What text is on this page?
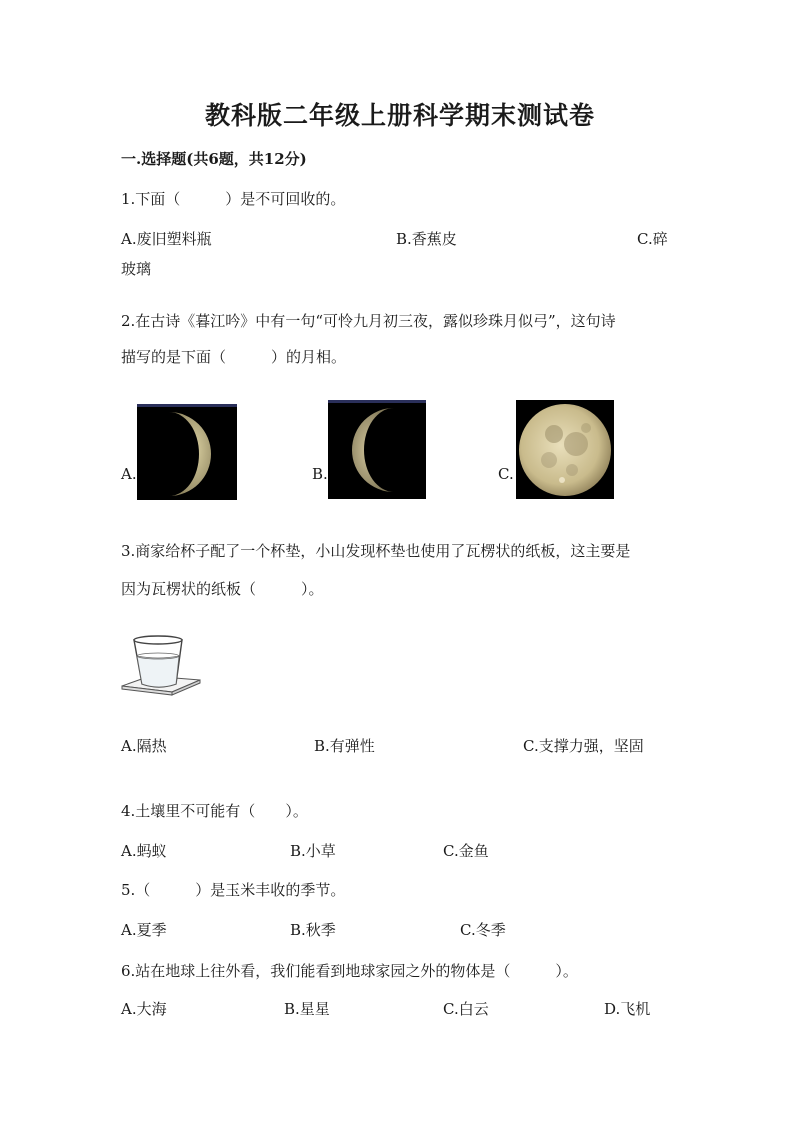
教科版二年级上册科学期末测试卷
一.选择题(共6题，共12分)
1.下面（　　　）是不可回收的。
A.废旧塑料瓶	B.香蕉皮	C.碎
玻璃
2.在古诗《暮江吟》中有一句“可怜九月初三夜，露似珍珠月似弓”，这句诗
描写的是下面（　　　）的月相。
A.	B.	C.
3.商家给杯子配了一个杯垫，小山发现杯垫也使用了瓦楞状的纸板，这主要是
因为瓦楞状的纸板（　　　）。
A.隔热	B.有弹性	C.支撑力强，坚固
4.土壤里不可能有（　　）。
A.蚂蚁	B.小草	C.金鱼
5.（　　　）是玉米丰收的季节。
A.夏季	B.秋季	C.冬季
6.站在地球上往外看，我们能看到地球家园之外的物体是（　　　）。
A.大海	B.星星	C.白云	D.飞机
